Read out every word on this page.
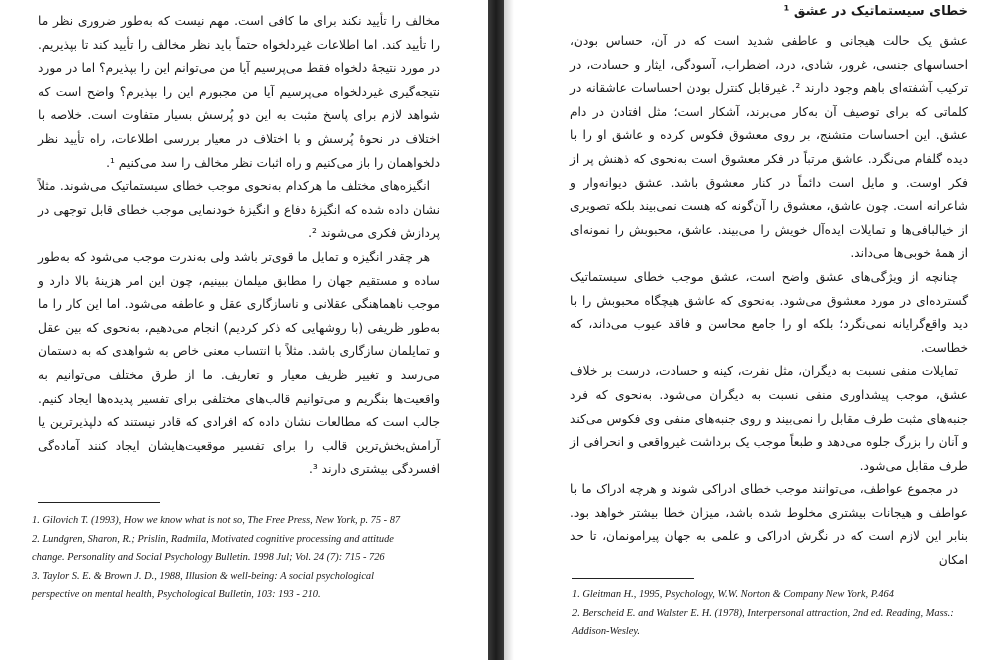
مخالف را تأیید نکند برای ما کافی است. مهم نیست که به‌طور ضروری نظر ما را تأیید کند. اما اطلاعات غیردلخواه حتماً باید نظر مخالف را تأیید کند تا بپذیریم. در مورد نتیجهٔ دلخواه فقط می‌پرسیم آیا من می‌توانم این را بپذیرم؟ اما در مورد نتیجه‌گیری غیردلخواه می‌پرسیم آیا من مجبورم این را بپذیرم؟ واضح است که شواهد لازم برای پاسخ مثبت به این دو پُرسش بسیار متفاوت است. خلاصه با اختلاف در نحوهٔ پُرسش و با اختلاف در معیار بررسی اطلاعات، راه تأیید نظر دلخواهمان را باز می‌کنیم و راه اثبات نظر مخالف را سد می‌کنیم ¹.

انگیزه‌های مختلف ما هرکدام به‌نحوی موجب خطای سیستماتیک می‌شوند. مثلاً نشان داده شده که انگیزهٔ دفاع و انگیزهٔ خودنمایی موجب خطای قابل توجهی در پردازش فکری می‌شوند ².

هر چقدر انگیزه و تمایل ما قوی‌تر باشد ولی به‌ندرت موجب می‌شود که به‌طور ساده و مستقیم جهان را مطابق میلمان ببینیم، چون این امر هزینهٔ بالا دارد و موجب ناهماهنگی عقلانی و ناسازگاری عقل و عاطفه می‌شود. اما این کار را ما به‌طور ظریفی (با روشهایی که ذکر کردیم) انجام می‌دهیم، به‌نحوی که بین عقل و تمایلمان سازگاری باشد. مثلاً با انتساب معنی خاص به شواهدی که به دستمان می‌رسد و تغییر ظریف معیار و تعاریف. ما از طرق مختلف می‌توانیم به واقعیت‌ها بنگریم و می‌توانیم قالب‌های مختلفی برای تفسیر پدیده‌ها ایجاد کنیم. جالب است که مطالعات نشان داده که افرادی که قادر نیستند که دلپذیرترین یا آرامش‌بخش‌ترین قالب را برای تفسیر موقعیت‌هایشان ایجاد کنند آماده‌گی افسردگی بیشتری دارند ³.

1. Gilovich T. (1993), How we know what is not so, The Free Press, New York, p. 75 - 87

2. Lundgren, Sharon, R.; Prislin, Radmila, Motivated cognitive processing and attitude change. Personality and Social Psychology Bulletin. 1998 Jul; Vol. 24 (7): 715 - 726

3. Taylor S. E. & Brown J. D., 1988, Illusion & well-being: A social psychological perspective on mental health, Psychological Bulletin, 103: 193 - 210.

خطای سیستماتیک در عشق ¹

عشق یک حالت هیجانی و عاطفی شدید است که در آن، حساس بودن، احساسهای جنسی، غرور، شادی، درد، اضطراب، آسودگی، ایثار و حسادت، در ترکیب آشفته‌ای باهم وجود دارند ². غیرقابل کنترل بودن احساسات عاشقانه در کلماتی که برای توصیف آن به‌کار می‌برند، آشکار است؛ مثل افتادن در دام عشق. این احساسات متشنج، بر روی معشوق فکوس کرده و عاشق او را با دیده گلفام می‌نگرد. عاشق مرتباً در فکر معشوق است به‌نحوی که ذهنش پر از فکر اوست. و مایل است دائماً در کنار معشوق باشد. عشق دیوانه‌وار و شاعرانه است. چون عاشق، معشوق را آن‌گونه که هست نمی‌بیند بلکه تصویری از خیالبافی‌ها و تمایلات ایده‌آل خویش را می‌بیند. عاشق، محبوبش را نمونه‌ای از همهٔ خوبی‌ها می‌داند.

چنانچه از ویژگی‌های عشق واضح است، عشق موجب خطای سیستماتیک گسترده‌ای در مورد معشوق می‌شود. به‌نحوی که عاشق هیچگاه محبوبش را با دید واقع‌گرایانه نمی‌نگرد؛ بلکه او را جامع محاسن و فاقد عیوب می‌داند، که خطاست.

تمایلات منفی نسبت به دیگران، مثل نفرت، کینه و حسادت، درست بر خلاف عشق، موجب پیشداوری منفی نسبت به دیگران می‌شود. به‌نحوی که فرد جنبه‌های مثبت طرف مقابل را نمی‌بیند و روی جنبه‌های منفی وی فکوس می‌کند و آنان را بزرگ جلوه می‌دهد و طبعاً موجب یک برداشت غیرواقعی و انحرافی از طرف مقابل می‌شود.

در مجموع عواطف، می‌توانند موجب خطای ادراکی شوند و هرچه ادراک ما با عواطف و هیجانات بیشتری مخلوط شده باشد، میزان خطا بیشتر خواهد بود. بنابر این لازم است که در نگرش ادراکی و علمی به جهان پیرامونمان، تا حد امکان

1. Gleitman H., 1995, Psychology, W.W. Norton & Company New York, P.464

2. Berscheid E. and Walster E. H. (1978), Interpersonal attraction, 2nd ed. Reading, Mass.: Addison-Wesley.
